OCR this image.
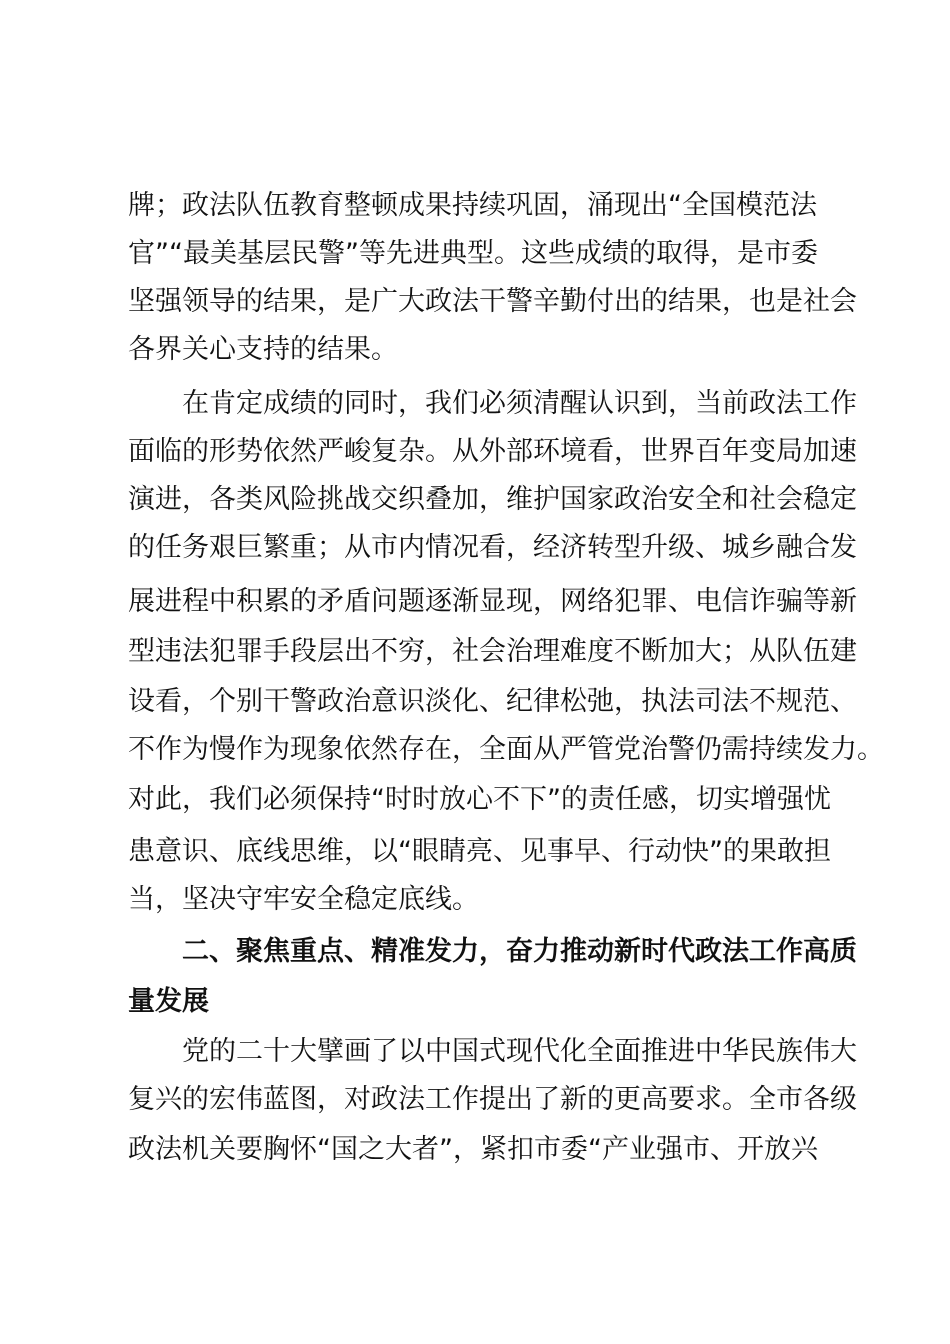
牌；政法队伍教育整顿成果持续巩固，涌现出“全国模范法
官”“最美基层民警”等先进典型。这些成绩的取得，是市委
坚强领导的结果，是广大政法干警辛勤付出的结果，也是社会
各界关心支持的结果。
在肯定成绩的同时，我们必须清醒认识到，当前政法工作
面临的形势依然严峻复杂。从外部环境看，世界百年变局加速
演进，各类风险挑战交织叠加，维护国家政治安全和社会稳定
的任务艰巨繁重；从市内情况看，经济转型升级、城乡融合发
展进程中积累的矛盾问题逐渐显现，网络犯罪、电信诈骗等新
型违法犯罪手段层出不穷，社会治理难度不断加大；从队伍建
设看，个别干警政治意识淡化、纪律松弛，执法司法不规范、
不作为慢作为现象依然存在，全面从严管党治警仍需持续发力。
对此，我们必须保持“时时放心不下”的责任感，切实增强忧
患意识、底线思维，以“眼睛亮、见事早、行动快”的果敢担
当，坚决守牢安全稳定底线。
二、聚焦重点、精准发力，奋力推动新时代政法工作高质
量发展
党的二十大擘画了以中国式现代化全面推进中华民族伟大
复兴的宏伟蓝图，对政法工作提出了新的更高要求。全市各级
政法机关要胸怀“国之大者”，紧扣市委“产业强市、开放兴
